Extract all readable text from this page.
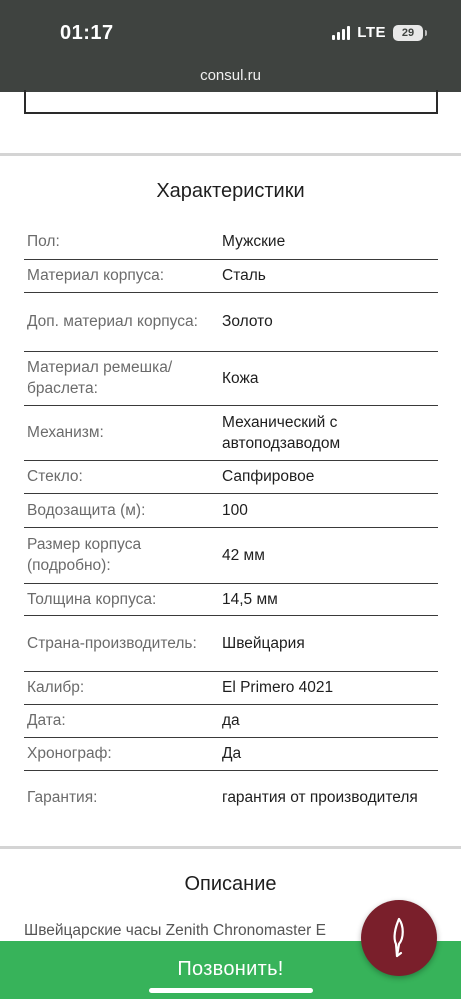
01:17	LTE 29
consul.ru
Характеристики
Пол:	Мужские
Материал корпуса:	Сталь
Доп. материал корпуса:	Золото
Материал ремешка/ браслета:	Кожа
Механизм:	Механический с автоподзаводом
Стекло:	Сапфировое
Водозащита (м):	100
Размер корпуса (подробно):	42 мм
Толщина корпуса:	14,5 мм
Страна-производитель:	Швейцария
Калибр:	El Primero 4021
Дата:	да
Хронограф:	Да
Гарантия:	гарантия от производителя
Описание
Швейцарские часы Zenith Chronomaster E
Позвонить!
